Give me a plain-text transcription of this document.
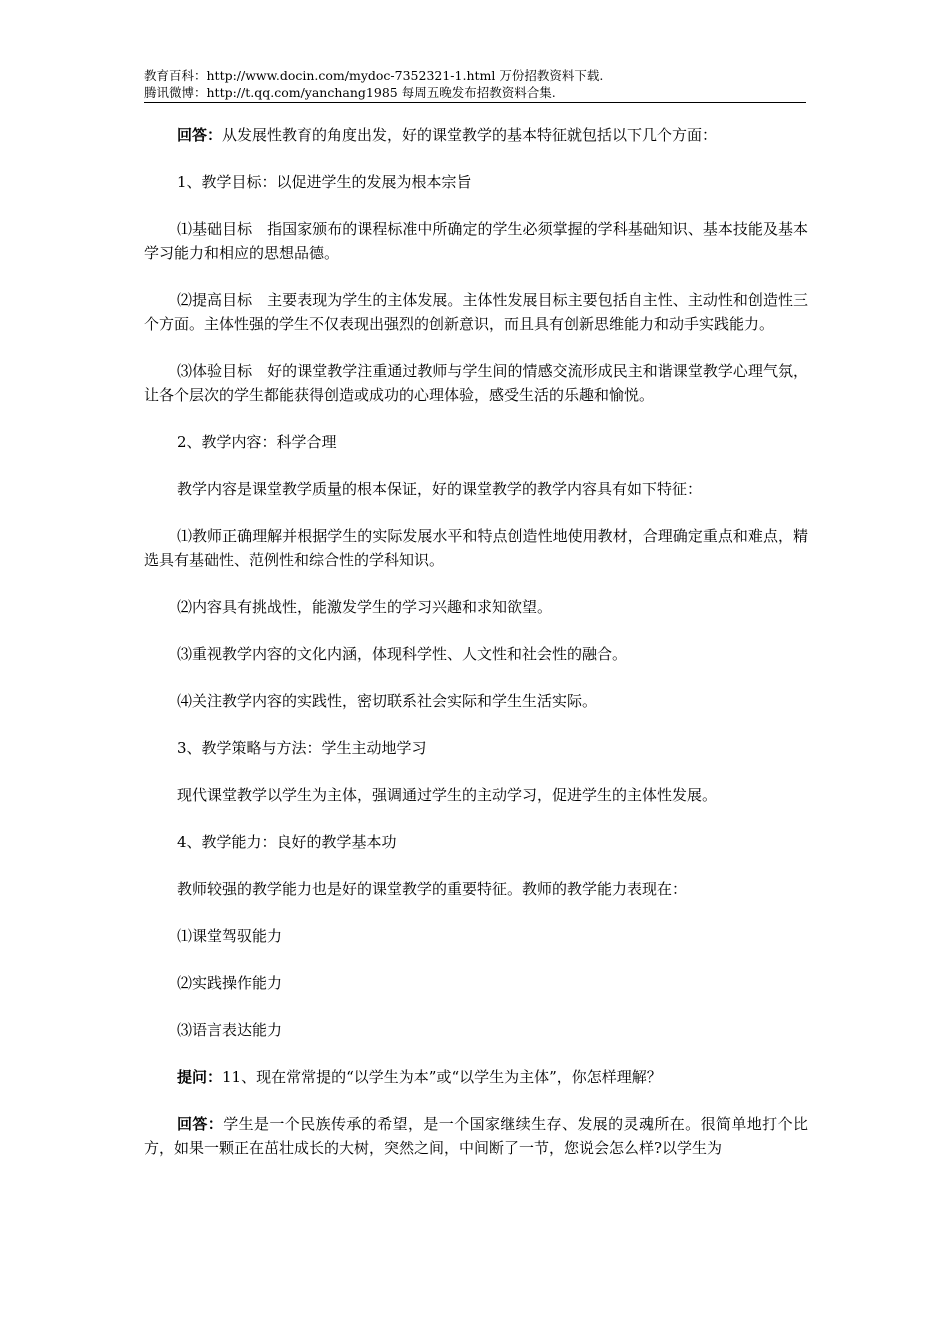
教育百科：http://www.docin.com/mydoc-7352321-1.html 万份招教资料下载.
腾讯微博：http://t.qq.com/yanchang1985 每周五晚发布招教资料合集.

回答：从发展性教育的角度出发，好的课堂教学的基本特征就包括以下几个方面：

1、教学目标：以促进学生的发展为根本宗旨

⑴基础目标　指国家颁布的课程标准中所确定的学生必须掌握的学科基础知识、基本技能及基本学习能力和相应的思想品德。

⑵提高目标　主要表现为学生的主体发展。主体性发展目标主要包括自主性、主动性和创造性三个方面。主体性强的学生不仅表现出强烈的创新意识，而且具有创新思维能力和动手实践能力。

⑶体验目标　好的课堂教学注重通过教师与学生间的情感交流形成民主和谐课堂教学心理气氛，让各个层次的学生都能获得创造或成功的心理体验，感受生活的乐趣和愉悦。

2、教学内容：科学合理

教学内容是课堂教学质量的根本保证，好的课堂教学的教学内容具有如下特征：

⑴教师正确理解并根据学生的实际发展水平和特点创造性地使用教材，合理确定重点和难点，精选具有基础性、范例性和综合性的学科知识。

⑵内容具有挑战性，能激发学生的学习兴趣和求知欲望。

⑶重视教学内容的文化内涵，体现科学性、人文性和社会性的融合。

⑷关注教学内容的实践性，密切联系社会实际和学生生活实际。

3、教学策略与方法：学生主动地学习

现代课堂教学以学生为主体，强调通过学生的主动学习，促进学生的主体性发展。

4、教学能力：良好的教学基本功

教师较强的教学能力也是好的课堂教学的重要特征。教师的教学能力表现在：

⑴课堂驾驭能力

⑵实践操作能力

⑶语言表达能力

提问：11、现在常常提的“以学生为本”或“以学生为主体”，你怎样理解？

回答：学生是一个民族传承的希望，是一个国家继续生存、发展的灵魂所在。很简单地打个比方，如果一颗正在茁壮成长的大树，突然之间，中间断了一节，您说会怎么样?以学生为
